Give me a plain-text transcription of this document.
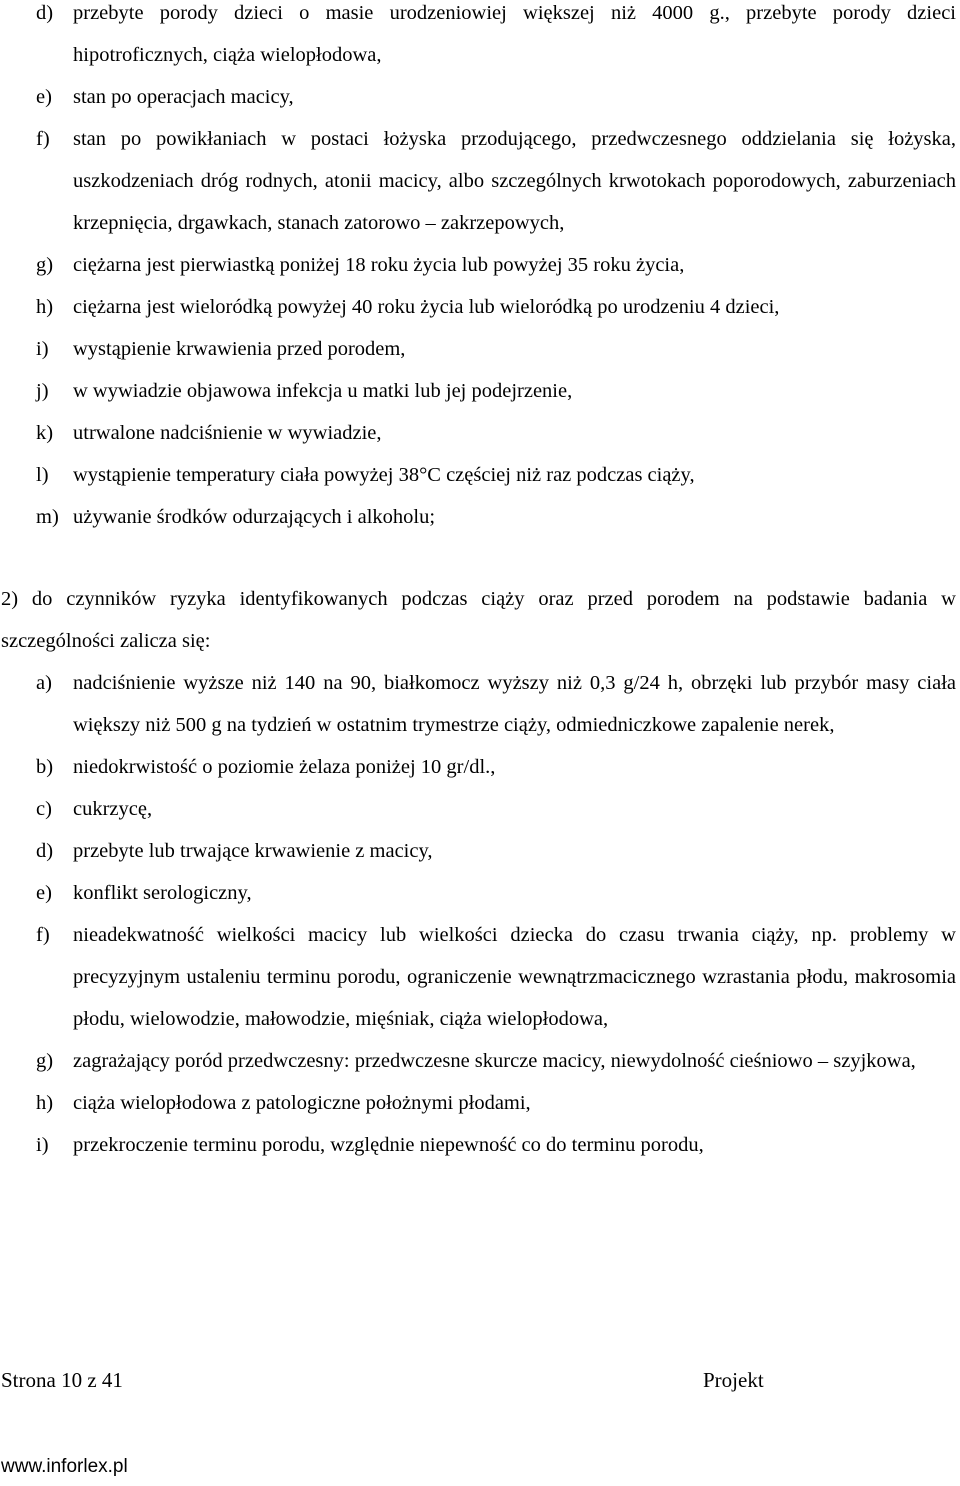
d) przebyte porody dzieci o masie urodzeniowiej większej niż 4000 g., przebyte porody dzieci hipotroficznych, ciąża wielopłodowa,
e) stan po operacjach macicy,
f) stan po powikłaniach w postaci łożyska przodującego, przedwczesnego oddzielania się łożyska, uszkodzeniach dróg rodnych, atonii macicy, albo szczególnych krwotokach poporodowych, zaburzeniach krzepnięcia, drgawkach, stanach zatorowo – zakrzepowych,
g) ciężarna jest pierwiastką poniżej 18 roku życia lub powyżej 35 roku życia,
h) ciężarna jest wieloródką powyżej 40 roku życia lub wieloródką po urodzeniu 4 dzieci,
i) wystąpienie krwawienia przed porodem,
j) w wywiadzie objawowa infekcja u matki lub jej podejrzenie,
k) utrwalone nadciśnienie w wywiadzie,
l) wystąpienie temperatury ciała powyżej 38°C częściej niż raz podczas ciąży,
m) używanie środków odurzających i alkoholu;
2) do czynników ryzyka identyfikowanych podczas ciąży oraz przed porodem na podstawie badania w szczególności zalicza się:
a) nadciśnienie wyższe niż 140 na 90, białkomocz wyższy niż 0,3 g/24 h, obrzęki lub przybór masy ciała większy niż 500 g na tydzień w ostatnim trymestrze ciąży, odmiedniczkowe zapalenie nerek,
b) niedokrwistość o poziomie żelaza poniżej 10 gr/dl.,
c) cukrzycę,
d) przebyte lub trwające krwawienie z macicy,
e) konflikt serologiczny,
f) nieadekwatność wielkości macicy lub wielkości dziecka do czasu trwania ciąży, np. problemy w precyzyjnym ustaleniu terminu porodu, ograniczenie wewnątrzmacicznego wzrastania płodu, makrosomia płodu, wielowodzie, małowodzie, mięśniak, ciąża wielopłodowa,
g) zagrażający poród przedwczesny: przedwczesne skurcze macicy, niewydolność cieśniowo – szyjkowa,
h) ciąża wielopłodowa z patologiczne położnymi płodami,
i) przekroczenie terminu porodu, względnie niepewność co do terminu porodu,
Strona 10 z 41	Projekt
www.inforlex.pl
